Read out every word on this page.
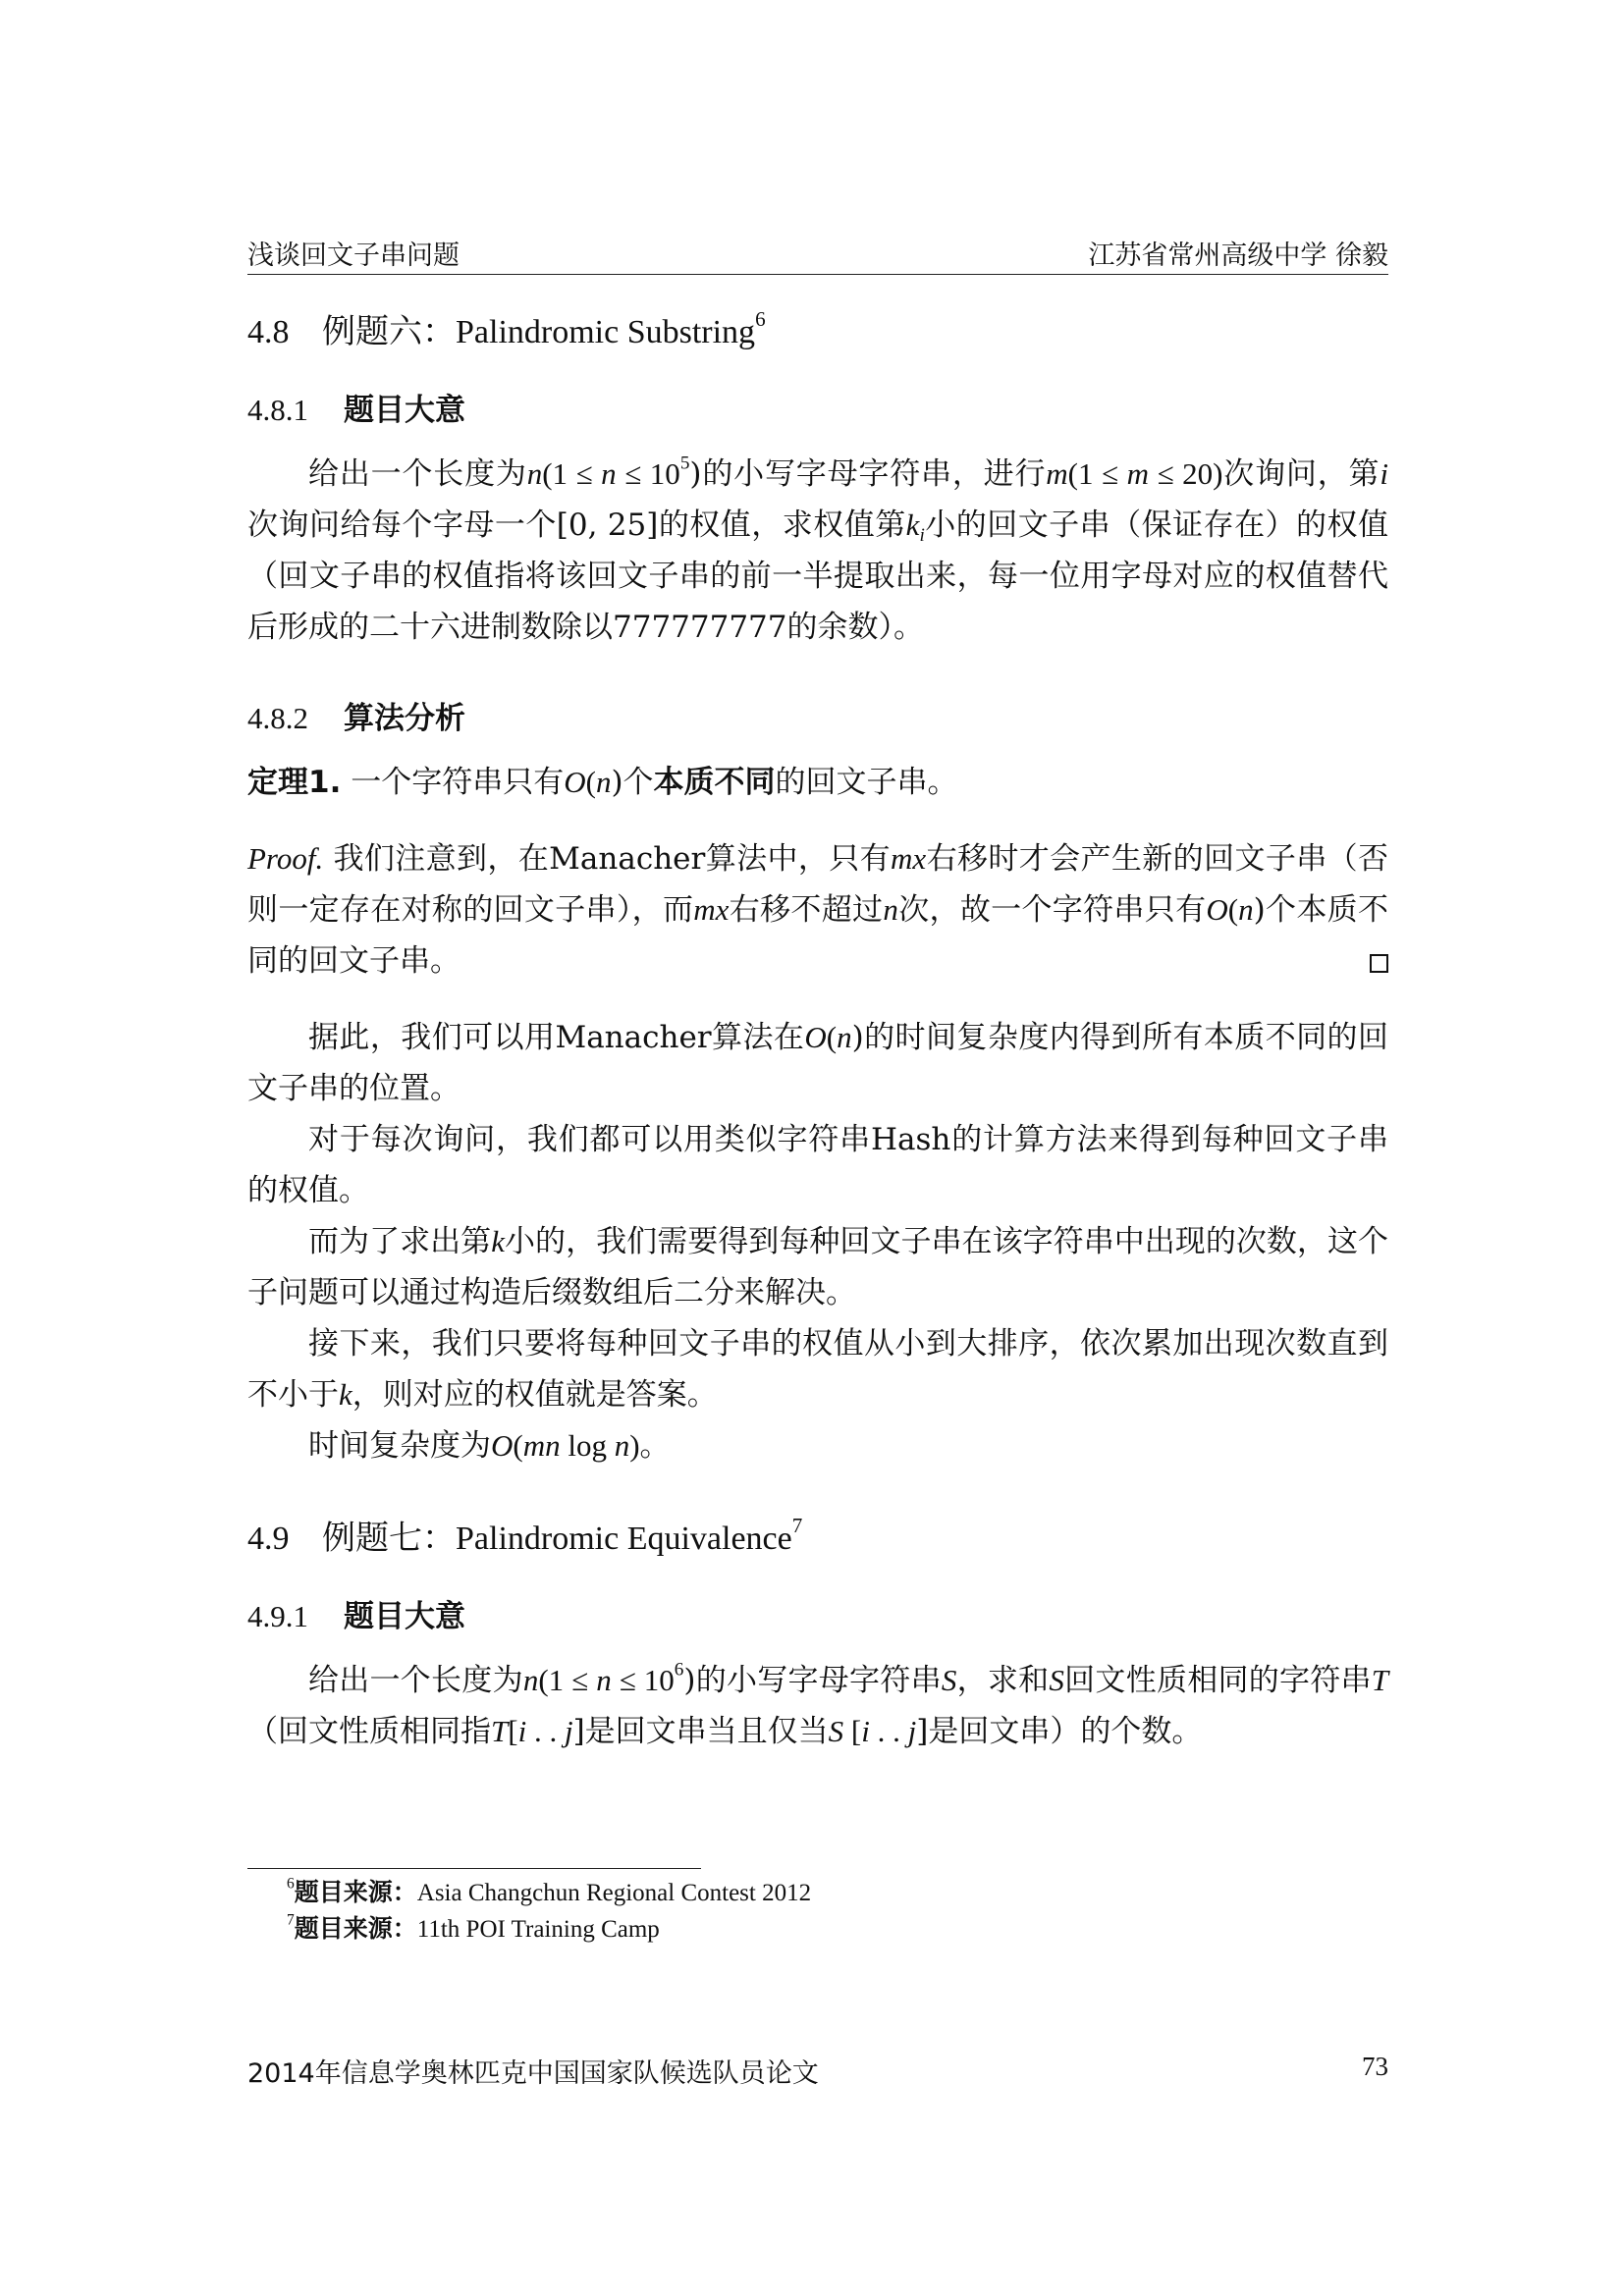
浅谈回文子串问题	江苏省常州高级中学 徐毅
4.8 例题六：Palindromic Substring$^6$
4.8.1 题目大意

给出一个长度为$n(1 \le n \le 10^5)$的小写字母字符串，进行m(1 ≤ m ≤ 20)次询问，第i次询问给每个字母一个[0, 25]的权值，求权值第$k_i$小的回文子串（保证存在）的权值（回文子串的权值指将该回文子串的前一半提取出来，每一位用字母对应的权值替代后形成的二十六进制数除以777777777的余数）。

4.8.2 算法分析

定理1. 一个字符串只有O(n)个本质不同的回文子串。

Proof. 我们注意到，在Manacher算法中，只有mx右移时才会产生新的回文子串（否则一定存在对称的回文子串），而mx右移不超过n次，故一个字符串只有O(n)个本质不同的回文子串。

据此，我们可以用Manacher算法在O(n)的时间复杂度内得到所有本质不同的回文子串的位置。

对于每次询问，我们都可以用类似字符串Hash的计算方法来得到每种回文子串的权值。

而为了求出第k小的，我们需要得到每种回文子串在该字符串中出现的次数，这个子问题可以通过构造后缀数组后二分来解决。

接下来，我们只要将每种回文子串的权值从小到大排序，依次累加出现次数直到不小于k，则对应的权值就是答案。

时间复杂度为O(mn log n)。

4.9 例题七：Palindromic Equivalence$^7$
4.9.1 题目大意

给出一个长度为$n(1 \le n \le 10^6)$的小写字母字符串S，求和S回文性质相同的字符串T（回文性质相同指T[i . . j]是回文串当且仅当S [i . . j]是回文串）的个数。

$^6$题目来源：Asia Changchun Regional Contest 2012
$^7$题目来源：11th POI Training Camp
2014年信息学奥林匹克中国国家队候选队员论文	73
